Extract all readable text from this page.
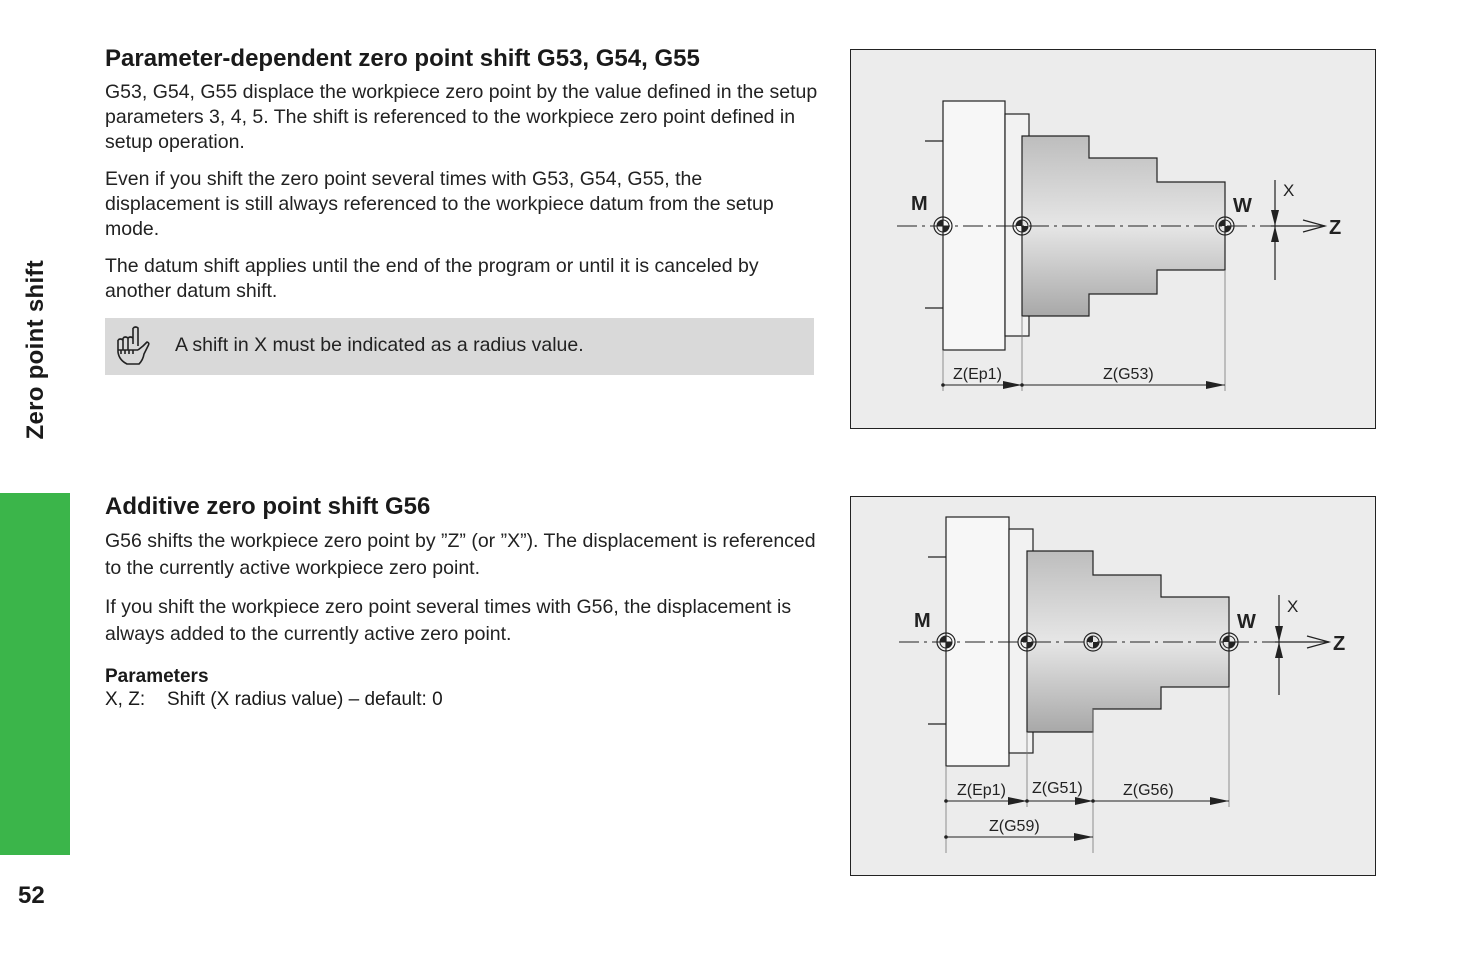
Zero point shift
52
Parameter-dependent zero point shift G53, G54, G55

G53, G54, G55 displace the workpiece zero point by the value defined in the setup parameters 3, 4, 5. The shift is referenced to the workpiece zero point defined in setup operation.

Even if you shift the zero point several times with G53, G54, G55, the displacement is still always referenced to the workpiece datum from the setup mode.

The datum shift applies until the end of the program or until it is canceled by another datum shift.

A shift in X must be indicated as a radius value.
Additive zero point shift G56

G56 shifts the workpiece zero point by ”Z” (or ”X”). The displacement is referenced to the currently active workpiece zero point.

If you shift the workpiece zero point several times with G56, the displacement is always added to the currently active zero point.

Parameters
X, Z: Shift (X radius value) – default: 0
M	W
X
Z
Z(Ep1)	Z(G53)
M	W
X
Z
Z(Ep1) Z(G51)	Z(G56)
Z(G59)
